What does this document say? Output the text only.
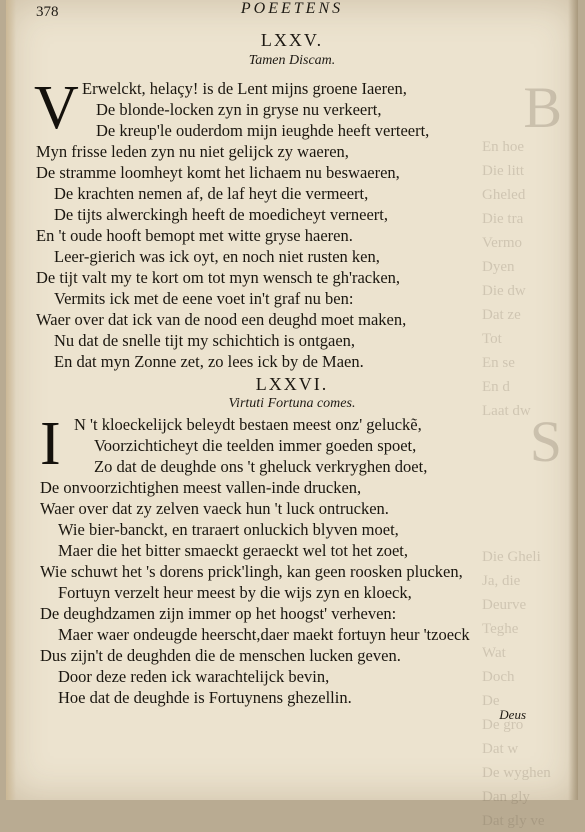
B
S
En hoe
Die litt
Gheled
Die tra
Vermo
Dyen
Die dw
Dat ze
Tot
En se
En d
Laat dw
Die Gheli
Ja, die
Deurve
Teghe
Wat
Doch
De
De gro
Dat w
De wyghen
Dan gly
Dat gly ve
378	POEETENS
LXXV.
Tamen Discam.
V Erwelckt, helaçy! is de Lent mijns groene Iaeren,
De blonde-locken zyn in gryse nu verkeert,
De kreup'le ouderdom mijn ieughde heeft verteert,
Myn frisse leden zyn nu niet gelijck zy waeren,
De stramme loomheyt komt het lichaem nu beswaeren,
De krachten nemen af, de laf heyt die vermeert,
De tijts alwerckingh heeft de moedicheyt verneert,
En 't oude hooft bemopt met witte gryse haeren.
Leer-gierich was ick oyt, en noch niet rusten ken,
De tijt valt my te kort om tot myn wensch te gh'racken,
Vermits ick met de eene voet in't graf nu ben:
Waer over dat ick van de nood een deughd moet maken,
Nu dat de snelle tijt my schichtich is ontgaen,
En dat myn Zonne zet, zo lees ick by de Maen.
LXXVI.
Virtuti Fortuna comes.
I N 't kloeckelijck beleydt bestaen meest onz' geluckẽ,
Voorzichticheyt die teelden immer goeden spoet,
Zo dat de deughde ons 't gheluck verkryghen doet,
De onvoorzichtighen meest vallen-inde drucken,
Waer over dat zy zelven vaeck hun 't luck ontrucken.
Wie bier-banckt, en traraert onluckich blyven moet,
Maer die het bitter smaeckt geraeckt wel tot het zoet,
Wie schuwt het 's dorens prick'lingh, kan geen roosken plucken,
Fortuyn verzelt heur meest by die wijs zyn en kloeck,
De deughdzamen zijn immer op het hoogst' verheven:
Maer waer ondeugde heerscht,daer maekt fortuyn heur 'tzoeck
Dus zijn't de deughden die de menschen lucken geven.
Door deze reden ick warachtelijck bevin,
Hoe dat de deughde is Fortuynens ghezellin.
Deus
